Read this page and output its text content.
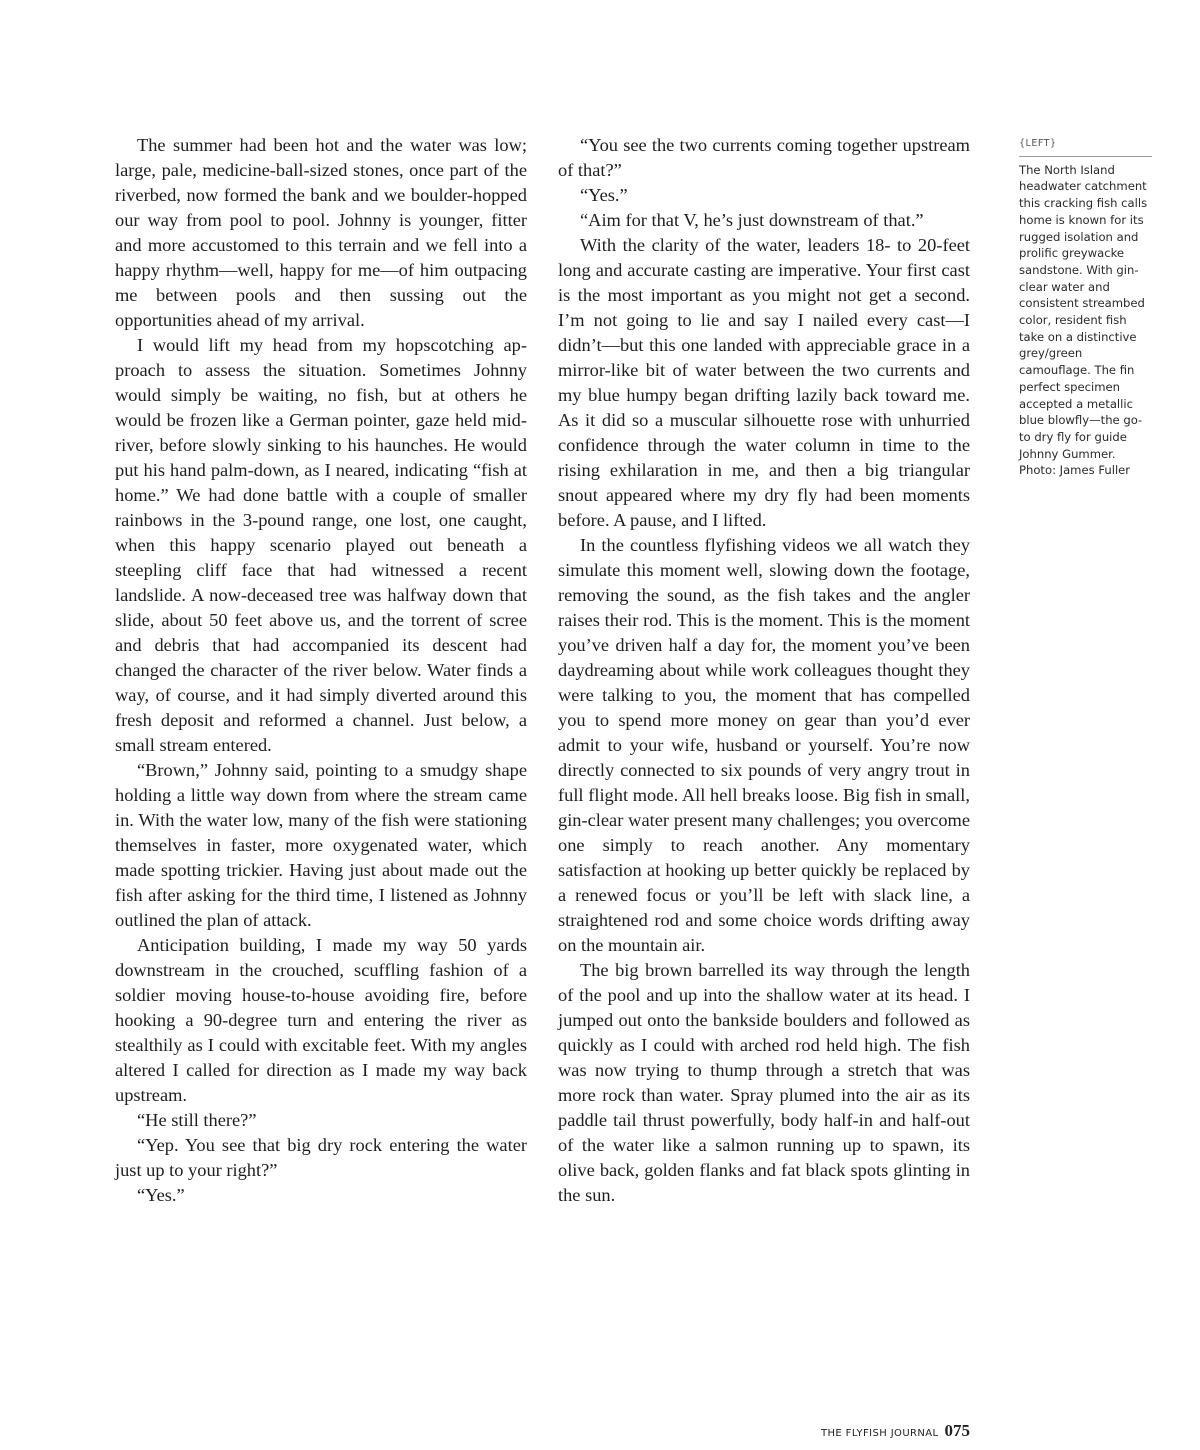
The summer had been hot and the water was low; large, pale, medicine-ball-sized stones, once part of the riverbed, now formed the bank and we boulder-hopped our way from pool to pool. Johnny is younger, fitter and more accustomed to this terrain and we fell into a happy rhythm—well, happy for me—of him outpacing me between pools and then sussing out the opportunities ahead of my arrival.

I would lift my head from my hopscotching approach to assess the situation. Sometimes Johnny would simply be waiting, no fish, but at others he would be frozen like a German pointer, gaze held mid-river, before slowly sinking to his haunches. He would put his hand palm-down, as I neared, indicating “fish at home.” We had done battle with a couple of smaller rainbows in the 3-pound range, one lost, one caught, when this happy scenario played out beneath a steepling cliff face that had witnessed a recent landslide. A now-deceased tree was halfway down that slide, about 50 feet above us, and the torrent of scree and debris that had accompanied its descent had changed the character of the river below. Water finds a way, of course, and it had simply diverted around this fresh deposit and reformed a channel. Just below, a small stream entered.

“Brown,” Johnny said, pointing to a smudgy shape holding a little way down from where the stream came in. With the water low, many of the fish were stationing themselves in faster, more oxygenated water, which made spotting trickier. Having just about made out the fish after asking for the third time, I listened as Johnny outlined the plan of attack.

Anticipation building, I made my way 50 yards downstream in the crouched, scuffling fashion of a soldier moving house-to-house avoiding fire, before hooking a 90-degree turn and entering the river as stealthily as I could with excitable feet. With my angles altered I called for direction as I made my way back upstream.

“He still there?”

“Yep. You see that big dry rock entering the water just up to your right?”

“Yes.”

“You see the two currents coming together upstream of that?”

“Yes.”

“Aim for that V, he’s just downstream of that.”

With the clarity of the water, leaders 18- to 20-feet long and accurate casting are imperative. Your first cast is the most important as you might not get a second. I’m not going to lie and say I nailed every cast—I didn’t—but this one landed with appreciable grace in a mirror-like bit of water between the two currents and my blue humpy began drifting lazily back toward me. As it did so a muscular silhouette rose with unhurried confidence through the water column in time to the rising exhilaration in me, and then a big triangular snout appeared where my dry fly had been moments before. A pause, and I lifted.

In the countless flyfishing videos we all watch they simulate this moment well, slowing down the footage, removing the sound, as the fish takes and the angler raises their rod. This is the moment. This is the moment you’ve driven half a day for, the moment you’ve been daydreaming about while work colleagues thought they were talking to you, the moment that has compelled you to spend more money on gear than you’d ever admit to your wife, husband or yourself. You’re now directly connected to six pounds of very angry trout in full flight mode. All hell breaks loose. Big fish in small, gin-clear water present many challenges; you overcome one simply to reach another. Any momentary satisfaction at hooking up better quickly be replaced by a renewed focus or you’ll be left with slack line, a straightened rod and some choice words drifting away on the mountain air.

The big brown barrelled its way through the length of the pool and up into the shallow water at its head. I jumped out onto the bankside boulders and followed as quickly as I could with arched rod held high. The fish was now trying to thump through a stretch that was more rock than water. Spray plumed into the air as its paddle tail thrust powerfully, body half-in and half-out of the water like a salmon running up to spawn, its olive back, golden flanks and fat black spots glinting in the sun.

{LEFT}
The North Island headwater catchment this cracking fish calls home is known for its rugged isolation and prolific greywacke sandstone. With gin-clear water and consistent streambed color, resident fish take on a distinctive grey/green camouflage. The fin perfect specimen accepted a metallic blue blowfly—the go-to dry fly for guide Johnny Gummer. Photo: James Fuller
THE FLYFISH JOURNAL 075
